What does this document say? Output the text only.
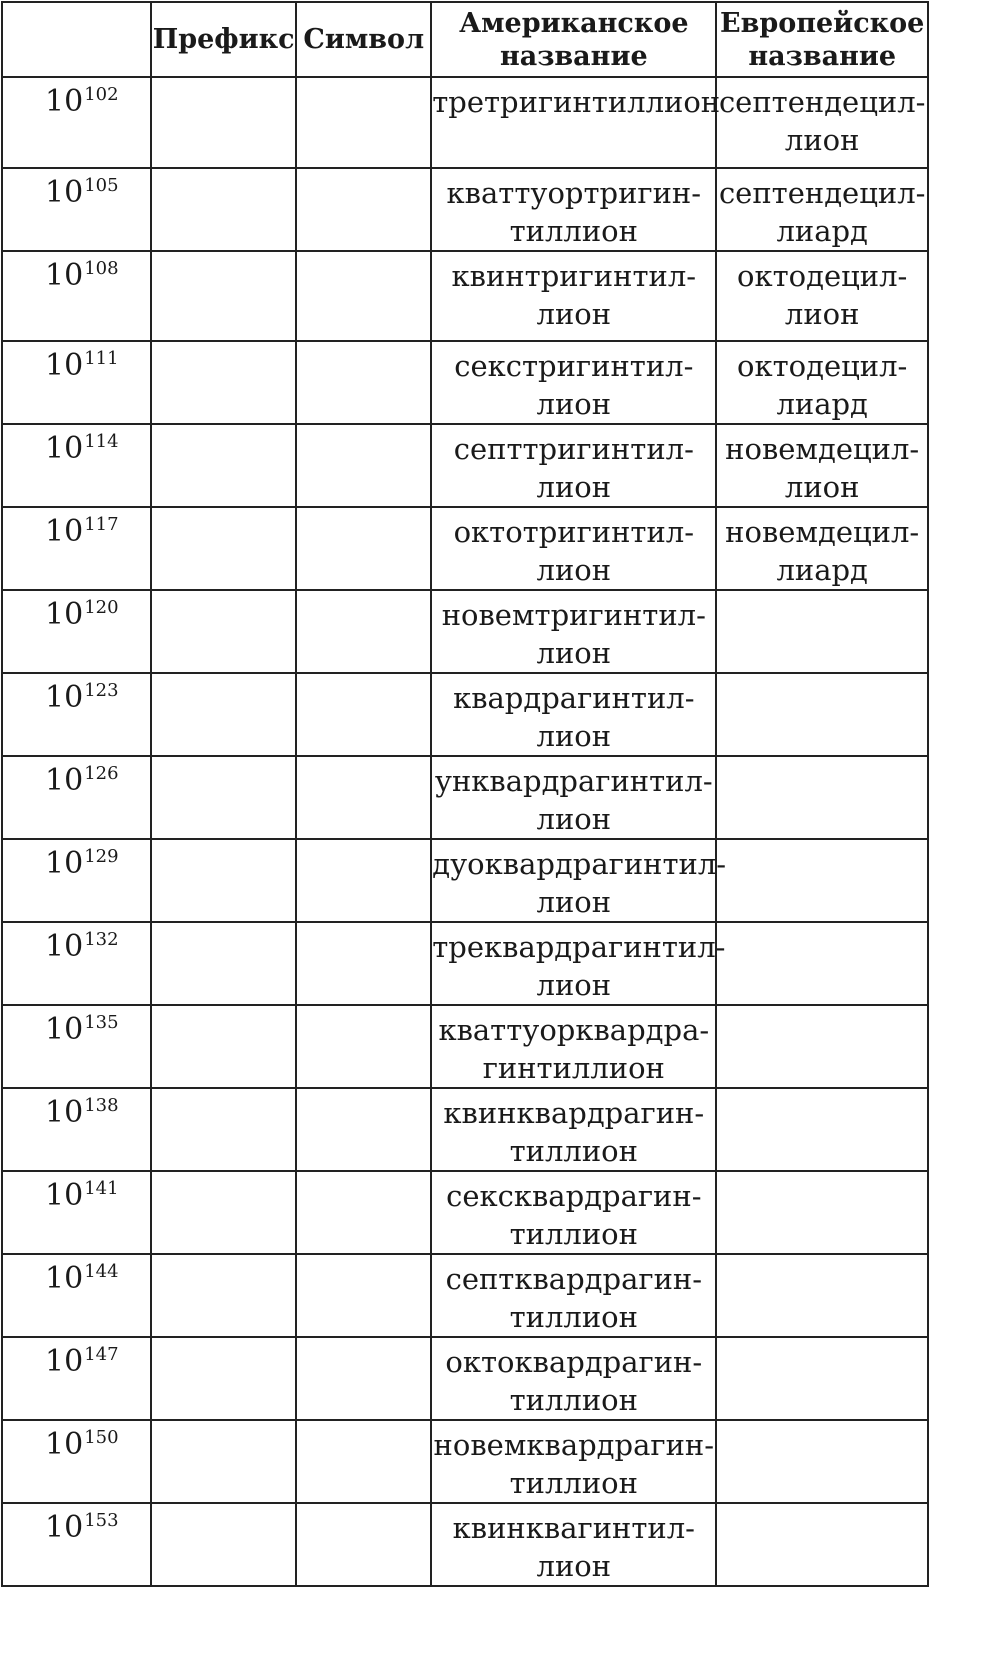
	Префикс	Символ	Американское
название	Европейское
название

$10^{102}$			третригинтиллион	септендецил-
лион

$10^{105}$			кваттуортригин-
тиллион	септендецил-
лиард

$10^{108}$			квинтригинтил-
лион	октодецил-
лион

$10^{111}$			секстригинтил-
лион	октодецил-
лиард

$10^{114}$			септтригинтил-
лион	новемдецил-
лион

$10^{117}$			октотригинтил-
лион	новемдецил-
лиард

$10^{120}$			новемтригинтил-
лион	

$10^{123}$			квардрагинтил-
лион	

$10^{126}$			унквардрагинтил-
лион	

$10^{129}$			дуоквардрагинтил-
лион	

$10^{132}$			треквардрагинтил-
лион	

$10^{135}$			кваттуорквардра-
гинтиллион	

$10^{138}$			квинквардрагин-
тиллион	

$10^{141}$			сексквардрагин-
тиллион	

$10^{144}$			септквардрагин-
тиллион	

$10^{147}$			октоквардрагин-
тиллион	

$10^{150}$			новемквардрагин-
тиллион	

$10^{153}$			квинквагинтил-
лион	
